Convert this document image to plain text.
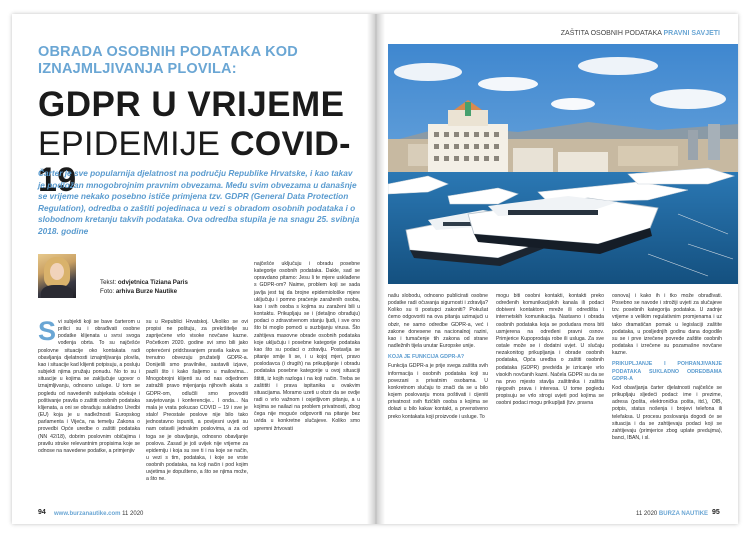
OBRADA OSOBNIH PODATAKA KOD IZNAJMLJIVANJA PLOVILA:
GDPR U VRIJEME
EPIDEMIJE COVID-19
Čarter je sve popularnija djelatnost na području Republike Hrvatske, i kao takav je podložan mnogobrojnim pravnim obvezama. Među svim obvezama u današnje se vrijeme nekako posebno ističe primjena tzv. GDPR (General Data Protection Regulation), odredba o zaštiti pojedinaca u vezi s obradom osobnih podataka i o slobodnom kretanju takvih podataka. Ova odredba stupila je na snagu 25. svibnja 2018. godine
Tekst: odvjetnica Tiziana Paris
Foto: arhiva Burze Nautike

Svi subjekti koji se bave čarterom u prilici su i obrađivati osobne podatke klijenata u svrsi svoga vođenja obrta. To su najčešće poslovne situacije oko kontakata radi obavljanja djelatnosti iznajmljivanja plovila, kao i situacije kad klijenti potpisuju, a posluju subjekti njima pružaju ponudu. No to su i situacije u kojima se zaključuje ugovor o iznajmljivanju, odnosno usluge. U tom se pogledu od navedenih subjekata očekuje i poštivanje pravila o zaštiti osobnih podataka klijenata, a oni se obrađuju sukladno Uredbi (EU) koja je u nadležnosti Europskog parlamenta i Vijeća, na temelju Zakona o provedbi Opće uredbe o zaštiti podataka (NN 42/18), dobrim poslovnim običajima i pravilu struke relevantnim propisima koje se odnose na navedene podatke, a primjenjiv

su u Republici Hrvatskoj. Ukoliko se ovi propisi ne poštuju, za prekršitelje su zaprijećene vrlo visoke novčane kazne. Početkom 2020. godine svi smo bili jako opterećeni pridržavanjem pravila kakva se trenutno obvezuju pružatelji GDPR-a. Doniješli smo pravilnike, sastavili izjave, pazili što i kako šaljemo u mailovima... Mnogobrojni klijenti su od nas odjednom zatražili pravo mijenjanja njihovih akata s GDPR-om, odlučili smo provoditi savjetovanja i konferencije... I onda... Na mala je vrata pokucao COVID – 19 i sve je stalo! Preostale poslove nije bilo tako jednostavno ispuniti, a povijesni uvjeti su nam ostavili jednakim poslovima, a za od toga se je obavljanja, odnosno obavljanje poslova. Zasad je još uvijek nije vrijeme za epidemiju i koja su sve ti i na koje se način, u vezi s tim, podataka, i koje se vrste osobnih podataka, na koji način i pod kojim uvjetima je dopušteno, a što se njima može, a što ne.

najčešće uključuju i obradu posebne kategorije osobnih podataka. Dakle, sad se opravdano pitamo: Jesu li te mjere usklađene s GDPR-om? Naime, problem koji se sada javlja jest taj da brojne epidemiološke mjere uključuju i pomno praćenje zaraženih osoba, kao i svih osoba s kojima su zaraženi bili u kontaktu. Prikupljaju se i (detaljno obrađuju) podaci o zdravstvenom stanju ljudi, i sve ono što bi moglo pomoći u suzbijanju virusa. Što zahtijeva masovne obrade osobnih podataka koje uključuju i posebne kategorije podataka kao što su podaci o zdravlju. Postavlja se pitanje smije li se, i u kojoj mjeri, pravo poslodavca (i drugih) na prikupljanje i obradu podataka posebne kategorije u ovoj situaciji štititi, iz kojih razloga i na koji način. Treba se zaštititi i prava ispitanika u ovakvim situacijama. Moramo uzeti u obzir da se ovdje radi o vrlo važnom i osjetljivom pitanju, a u kojima se nailazi na problem privatnosti, zbog čega nije moguće odgovoriti na pitanje bez uvida u konkretne slučajeve. Koliko smo spremni žrtvovati

94 www.burzanautike.com 11 2020
ZAŠTITA OSOBNIH PODATAKA PRAVNI SAVJETI

našu slobodu, odnosno publicirati osobne podatke radi očuvanja sigurnosti i zdravlja? Koliko su ti postupci zakoniti? Pokušat ćemo odgovoriti na ova pitanja uzimajući u obzir, ne samo odredbe GDPR-a, već i zakone donesene na nacionalnoj razini, kao i tumačenje tih zakona od strane nadležnih tijela unutar Europske unije.

KOJA JE FUNKCIJA GDPR-A?

Funkcija GDPR-a je prije svega zaštita svih informacija i osobnih podataka koji su povezani s privatnim osobama. U konkretnom slučaju to znači da se u bilo kojem poslovanju mora poštivati i cijeniti privatnost svih fizičkih osoba s kojima se dolazi u bilo kakav kontakt, a prvenstveno preko kontakata koji proizvode i usluge. To

mogu biti osobni kontakti, kontakti preko određenih komunikacijskih kanala ili podaci dobiveni kontaktom mreže ili odredišta i internetskih komunikacija. Nastavno i obrada osobnih podataka koja se podudara mora biti usmjerena na određeni pravni osnov. Primjerice Kupoprodaja robe ili usluga. Za sve ostale može se i dodatni uvjet. U slučaju nezakonitog prikupljanja i obrade osobnih podataka, Opća uredba o zaštiti osobnih podataka (GDPR) predviđa je izricanje vrlo visokih novčanih kazni. Načela GDPR su da se na prvo mjesto stavlja zaštitnika i zaštita njegovih prava i interesa. U tome pogledu propisuju se vrlo strogi uvjeti pod kojima se osobni podaci mogu prikupljati (tzv. pravna

osnova) i kako ih i tko može obrađivati. Posebno se navode i strožiji uvjeti za slučajeve tzv. posebnih kategorija podataka. U zadnje vrijeme s velikim regulativnim promjenama i uz tako dramatičan pomak u legislaciji zaštite podataka, u posljednjih godinu dana dogodile su se i prve izrečene povrede zaštite osobnih podataka i izrečene su pozamašne novčane kazne.

PRIKUPLJANJE I POHRANJIVANJE PODATAKA SUKLADNO ODREDBAMA GDPR-A

Kod obavljanja čarter djelatnosti najčešće se prikupljaju sljedeći podaci: ime i prezime, adresa (pošta, elektronička pošta, itd.), OIB, potpis, status nošenja i brojevi telefona ili telefaksa. U procesu poslovanja dogodi će se situacija i da se zahtijevaju podaci koji se zahtijevaju (primjerice zbog uplate predujma), banci, IBAN, i sl.

11 2020 BURZA NAUTIKE 95
